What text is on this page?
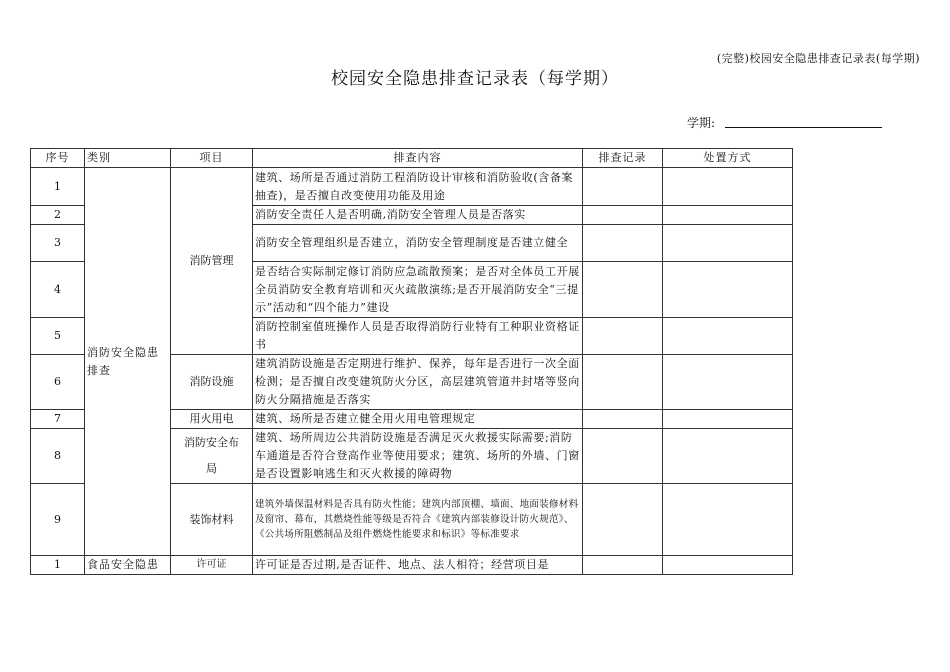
(完整)校园安全隐患排查记录表(每学期)
校园安全隐患排查记录表（每学期）
学期:
序号	类别	项目	排查内容	排查记录	处置方式
1	消防安全隐患排查	消防管理	建筑、场所是否通过消防工程消防设计审核和消防验收(含备案抽查)，是否擅自改变使用功能及用途		
2			消防安全责任人是否明确,消防安全管理人员是否落实		
3			消防安全管理组织是否建立，消防安全管理制度是否建立健全		
4			是否结合实际制定修订消防应急疏散预案；是否对全体员工开展全员消防安全教育培训和灭火疏散演练;是否开展消防安全“三提示”活动和“四个能力”建设		
5			消防控制室值班操作人员是否取得消防行业特有工种职业资格证书		
6		消防设施	建筑消防设施是否定期进行维护、保养，每年是否进行一次全面检测；是否擅自改变建筑防火分区，高层建筑管道井封堵等竖向防火分隔措施是否落实		
7		用火用电	建筑、场所是否建立健全用火用电管理规定		
8		消防安全布局	建筑、场所周边公共消防设施是否满足灭火救援实际需要;消防车通道是否符合登高作业等使用要求；建筑、场所的外墙、门窗是否设置影响逃生和灭火救援的障碍物		
9		装饰材料	建筑外墙保温材料是否具有防火性能；建筑内部顶棚、墙面、地面装修材料及窗帘、幕布，其燃烧性能等级是否符合《建筑内部装修设计防火规范》、《公共场所阻燃制品及组件燃烧性能要求和标识》等标准要求		
1	食品安全隐患	许可证	许可证是否过期,是否证件、地点、法人相符；经营项目是		
